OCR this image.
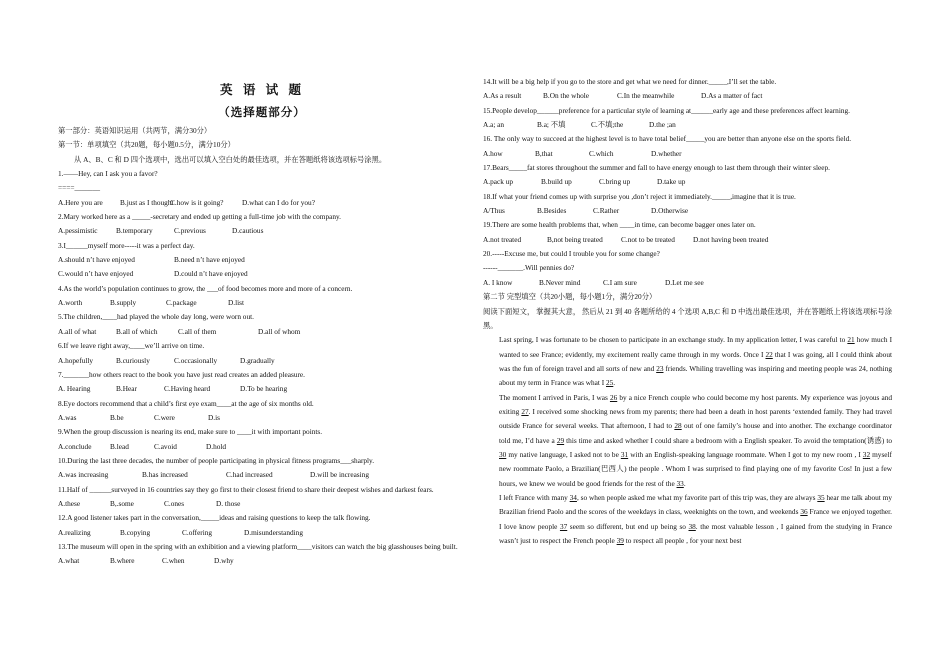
英 语 试 题
（选择题部分）
第一部分：英语知识运用（共两节，满分30分）
第一节：单项填空（共20题，每小题0.5分，满分10分）
从 A、B、C 和 D 四个选项中，选出可以填入空白处的最佳选项，并在答题纸将该选项标号涂黑。
1.——Hey, can I ask you a favor?
====_______
A.Here you are B.just as I thoughtC.how is it going?	D.what can I do for you?
2.Mary worked here as a _____-secretary and ended up getting a full-time job with the company.
A.pessimistic	B.temporary	C.previous	D.cautious
3.I______myself more-----it was a perfect day.
A.should n’t have enjoyed	B.need n’t have enjoyed
C.would n’t have enjoyed	D.could n’t have enjoyed
4.As the world’s population continues to grow, the ___of food becomes more and more of a concern.
A.worth	B.supply	C.package	D.list
5.The children,____had played the whole day long, were worn out.
A.all of what	B.all of which	C.all of them	D.all of whom
6.If we leave right away,____we’ll arrive on time.
A.hopefully	B.curiously	C.occasionally	D.gradually
7._______how others react to the book you have just read creates an added pleasure.
A. Hearing	B.Hear	C.Having heard	D.To be hearing
8.Eye doctors recommend that a child’s first eye exam____at the age of six months old.
A.was	B.be	C.were	D.is
9.When the group discussion is nearing its end, make sure to ____it with important points.
A.conclude	B.lead	C.avoid	D.hold
10.During the last three decades, the number of people participating in physical fitness programs___sharply.
A.was increasing	B.has increased	C.had increased	D.will be increasing
11.Half of ______surveyed in 16 countries say they go first to their closest friend to share their deepest wishes and darkest fears.
A.these	B,.some	C.ones	D. those
12.A good listener takes part in the conversation,_____ideas and raising questions to keep the talk flowing.
A.realizing	B.copying	C.offering	D.misunderstanding
13.The museum will open in the spring with an exhibition and a viewing platform____visitors can watch the big glasshouses being built.
A.what	B.where	C.when	D.why
14.It will be a big help if you go to the store and get what we need for dinner._____,I’ll set the table.
A.As a result	B.On the whole	C.In the meanwhile	D.As a matter of fact
15.People develop______preference for a particular style of learning at______early age and these preferences affect learning.
A.a; an	B.a; 不填	C.不填;the	D.the ;an
16. The only way to succeed at the highest level is to have total belief_____you are better than anyone else on the sports field.
A.how	B,that	C.which	D.whether
17.Bears_____fat stores throughout the summer and fall to have energy enough to last them through their winter sleep.
A.pack up	B.build up	C.bring up	D.take up
18.If what your friend comes up with surprise you ,don’t reject it immediately._____,imagine that it is true.
A/Thus	B.Besides	C.Rather	D.Otherwise
19.There are some health problems that, when ____in time, can become bagger ones later on.
A.not treated	B,not being treated	C.not to be treated D.not having been treated
20.-----Excuse me, but could I trouble you for some change?
------_______.Will pennies do?
A. I know	B.Never mind	C.I am sure	D.Let me see
第二节 完型填空（共20小题，每小题1分，满分20分）
阅读下面短文， 掌握其大意， 然后从 21 到 40 各题所给的 4 个选项 A,B,C 和 D 中选出最佳选项，并在答题纸上将该选项标号涂黑。
Last spring, I was fortunate to be chosen to participate in an exchange study. In my application letter, I was careful to 21 how much I wanted to see France; evidently, my excitement really came through in my words. Once I 22 that I was going, all I could think about was the fun of foreign travel and all sorts of new and 23 friends. Whiling travelling was inspiring and meeting people was 24, nothing about my term in France was what I 25.
The moment I arrived in Paris, I was 26 by a nice French couple who could become my host parents. My experience was joyous and exiting 27. I received some shocking news from my parents; there had been a death in host parents ‘extended family. They had travel outside France for several weeks. That afternoon, I had to 28 out of one family’s house and into another. The exchange coordinator told me, I’d have a 29 this time and asked whether I could share a bedroom with a English speaker. To avoid the temptation(诱惑) to 30 my native language, I asked not to be 31 with an English-speaking language roommate. When I got to my new room , I 32 myself new roommate Paolo, a Brazilian(巴西人) the people . Whom I was surprised to find playing one of my favorite Cos! In just a few hours, we knew we would be good friends for the rest of the 33.
I left France with many 34, so when people asked me what my favorite part of this trip was, they are always 35 hear me talk about my Brazilian friend Paolo and the scores of the weekdays in class, weeknights on the town, and weekends 36 France we enjoyed together. I love know people 37 seem so different, but end up being so 38. the most valuable lesson , I gained from the studying in France wasn’t just to respect the French people 39 to respect all people , for your next best
